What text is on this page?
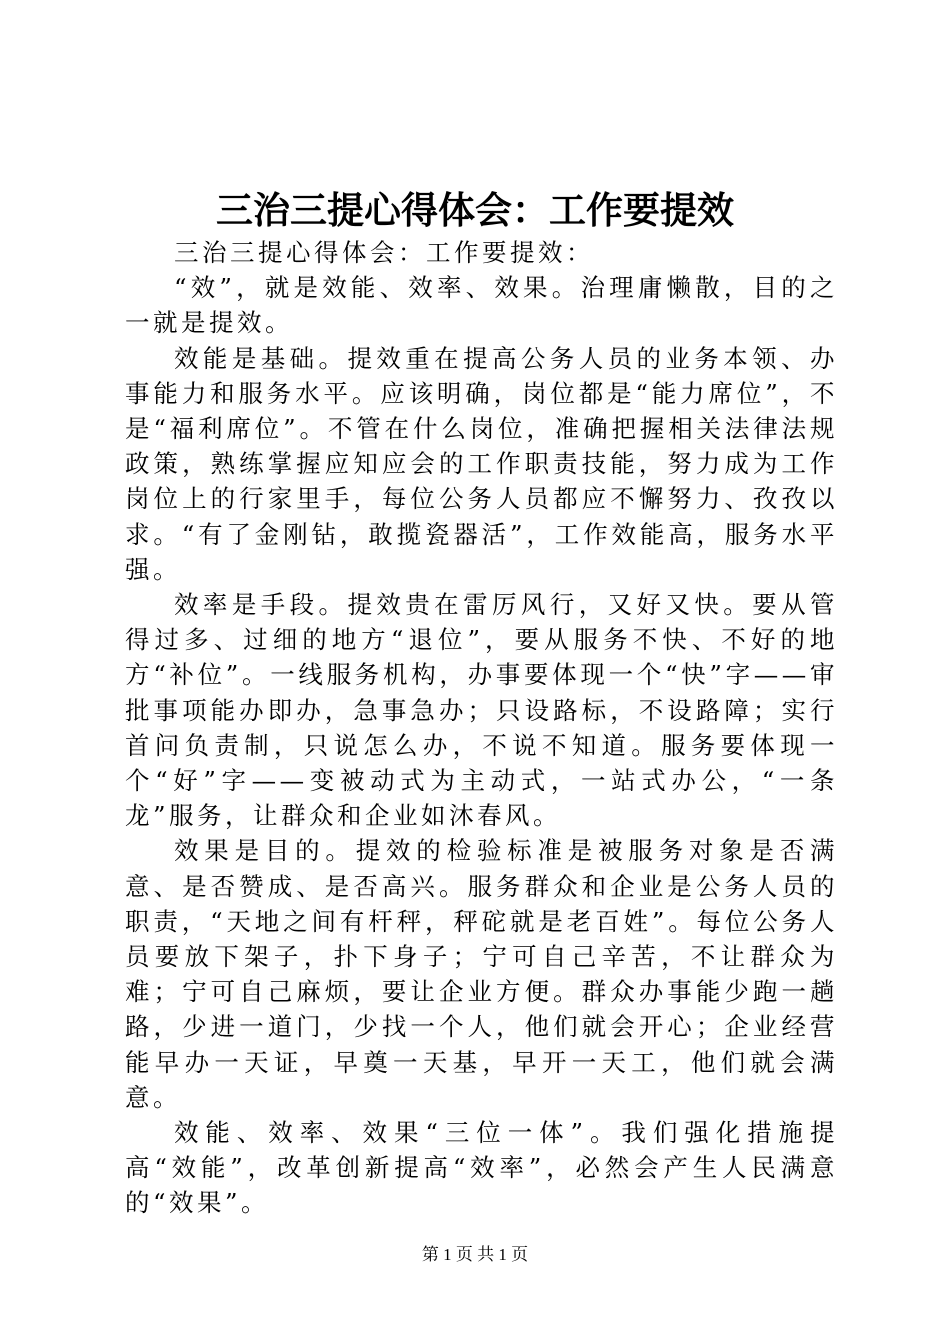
三治三提心得体会：工作要提效

三治三提心得体会：工作要提效：

“效”，就是效能、效率、效果。治理庸懒散，目的之一就是提效。

效能是基础。提效重在提高公务人员的业务本领、办事能力和服务水平。应该明确，岗位都是“能力席位”，不是“福利席位”。不管在什么岗位，准确把握相关法律法规政策，熟练掌握应知应会的工作职责技能，努力成为工作岗位上的行家里手，每位公务人员都应不懈努力、孜孜以求。“有了金刚钻，敢揽瓷器活”，工作效能高，服务水平强。

效率是手段。提效贵在雷厉风行，又好又快。要从管得过多、过细的地方“退位”，要从服务不快、不好的地方“补位”。一线服务机构，办事要体现一个“快”字——审批事项能办即办，急事急办；只设路标，不设路障；实行首问负责制，只说怎么办，不说不知道。服务要体现一个“好”字——变被动式为主动式，一站式办公，“一条龙”服务，让群众和企业如沐春风。

效果是目的。提效的检验标准是被服务对象是否满意、是否赞成、是否高兴。服务群众和企业是公务人员的职责，“天地之间有杆秤，秤砣就是老百姓”。每位公务人员要放下架子，扑下身子；宁可自己辛苦，不让群众为难；宁可自己麻烦，要让企业方便。群众办事能少跑一趟路，少进一道门，少找一个人，他们就会开心；企业经营能早办一天证，早奠一天基，早开一天工，他们就会满意。

效能、效率、效果“三位一体”。我们强化措施提高“效能”，改革创新提高“效率”，必然会产生人民满意的“效果”。

第 1 页 共 1 页
